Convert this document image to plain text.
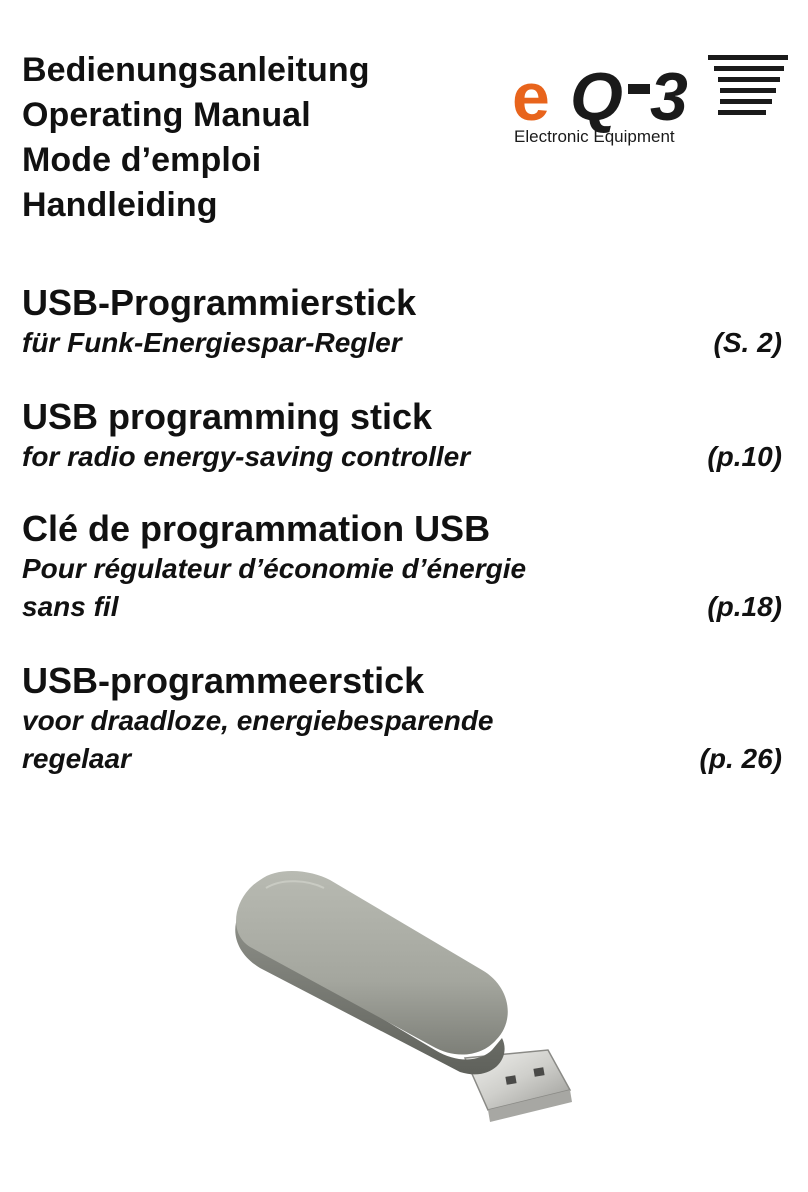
Bedienungsanleitung
Operating Manual
Mode d’emploi
Handleiding
e Q 3
Electronic Equipment
USB-Programmierstick
für Funk-Energiespar-Regler	(S. 2)
USB programming stick
for radio energy-saving controller	(p.10)
Clé de programmation USB
Pour régulateur d’économie d’énergie
sans fil	(p.18)
USB-programmeerstick
voor draadloze, energiebesparende
regelaar	(p. 26)
